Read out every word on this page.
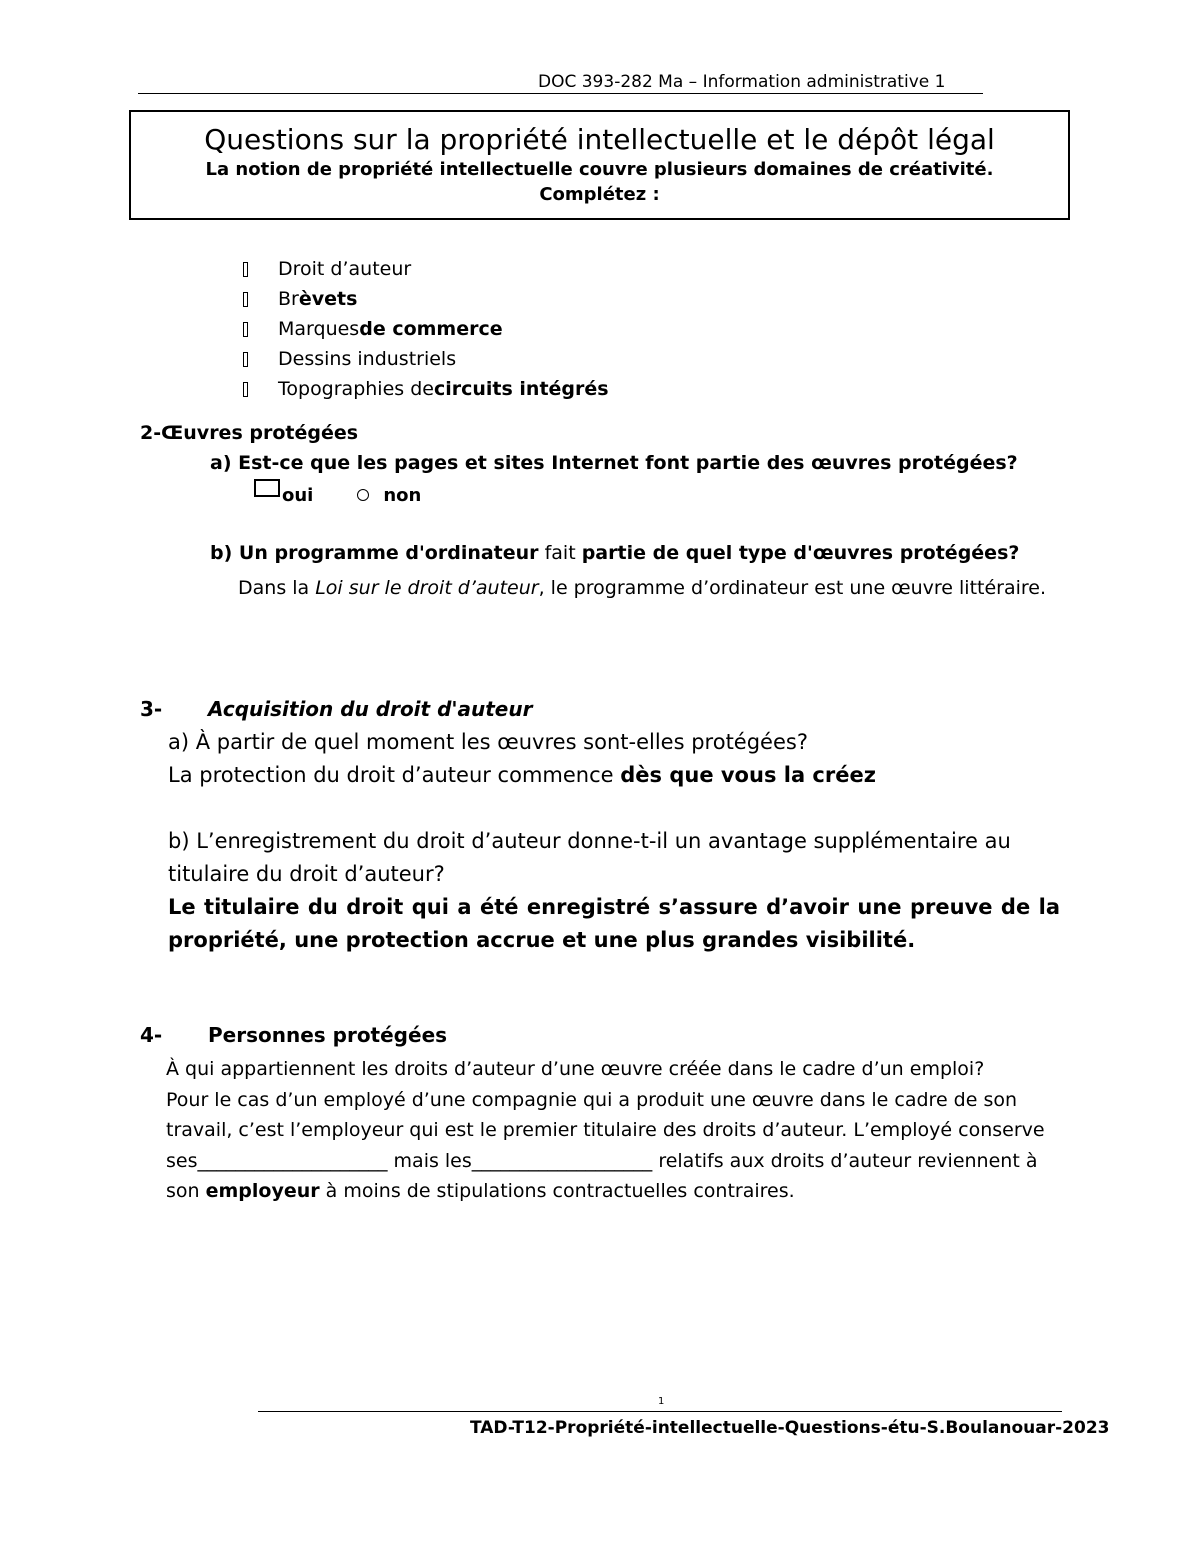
DOC 393-282 Ma – Information administrative 1
Questions sur la propriété intellectuelle et le dépôt légal
La notion de propriété intellectuelle couvre plusieurs domaines de créativité.
Complétez :
Droit d’auteur
Br èvets
Marques de commerce
Dessins industriels
Topographies de circuits intégrés
2-Œuvres protégées
a) Est-ce que les pages et sites Internet font partie des œuvres protégées?
oui	non
b) Un programme d'ordinateur fait partie de quel type d'œuvres protégées?
Dans la Loi sur le droit d’auteur, le programme d’ordinateur est une œuvre littéraire.
3- Acquisition du droit d'auteur

a) À partir de quel moment les œuvres sont-elles protégées?

La protection du droit d’auteur commence dès que vous la créez

b) L’enregistrement du droit d’auteur donne-t-il un avantage supplémentaire au titulaire du droit d’auteur?

Le titulaire du droit qui a été enregistré s’assure d’avoir une preuve de la propriété, une protection accrue et une plus grandes visibilité.

4- Personnes protégées

À qui appartiennent les droits d’auteur d’une œuvre créée dans le cadre d’un emploi?

Pour le cas d’un employé d’une compagnie qui a produit une œuvre dans le cadre de son travail, c’est l’employeur qui est le premier titulaire des droits d’auteur. L’employé conserve ses____________________ mais les___________________ relatifs aux droits d’auteur reviennent à son employeur à moins de stipulations contractuelles contraires.

1
TAD-T12-Propriété-intellectuelle-Questions-étu-S.Boulanouar-2023
